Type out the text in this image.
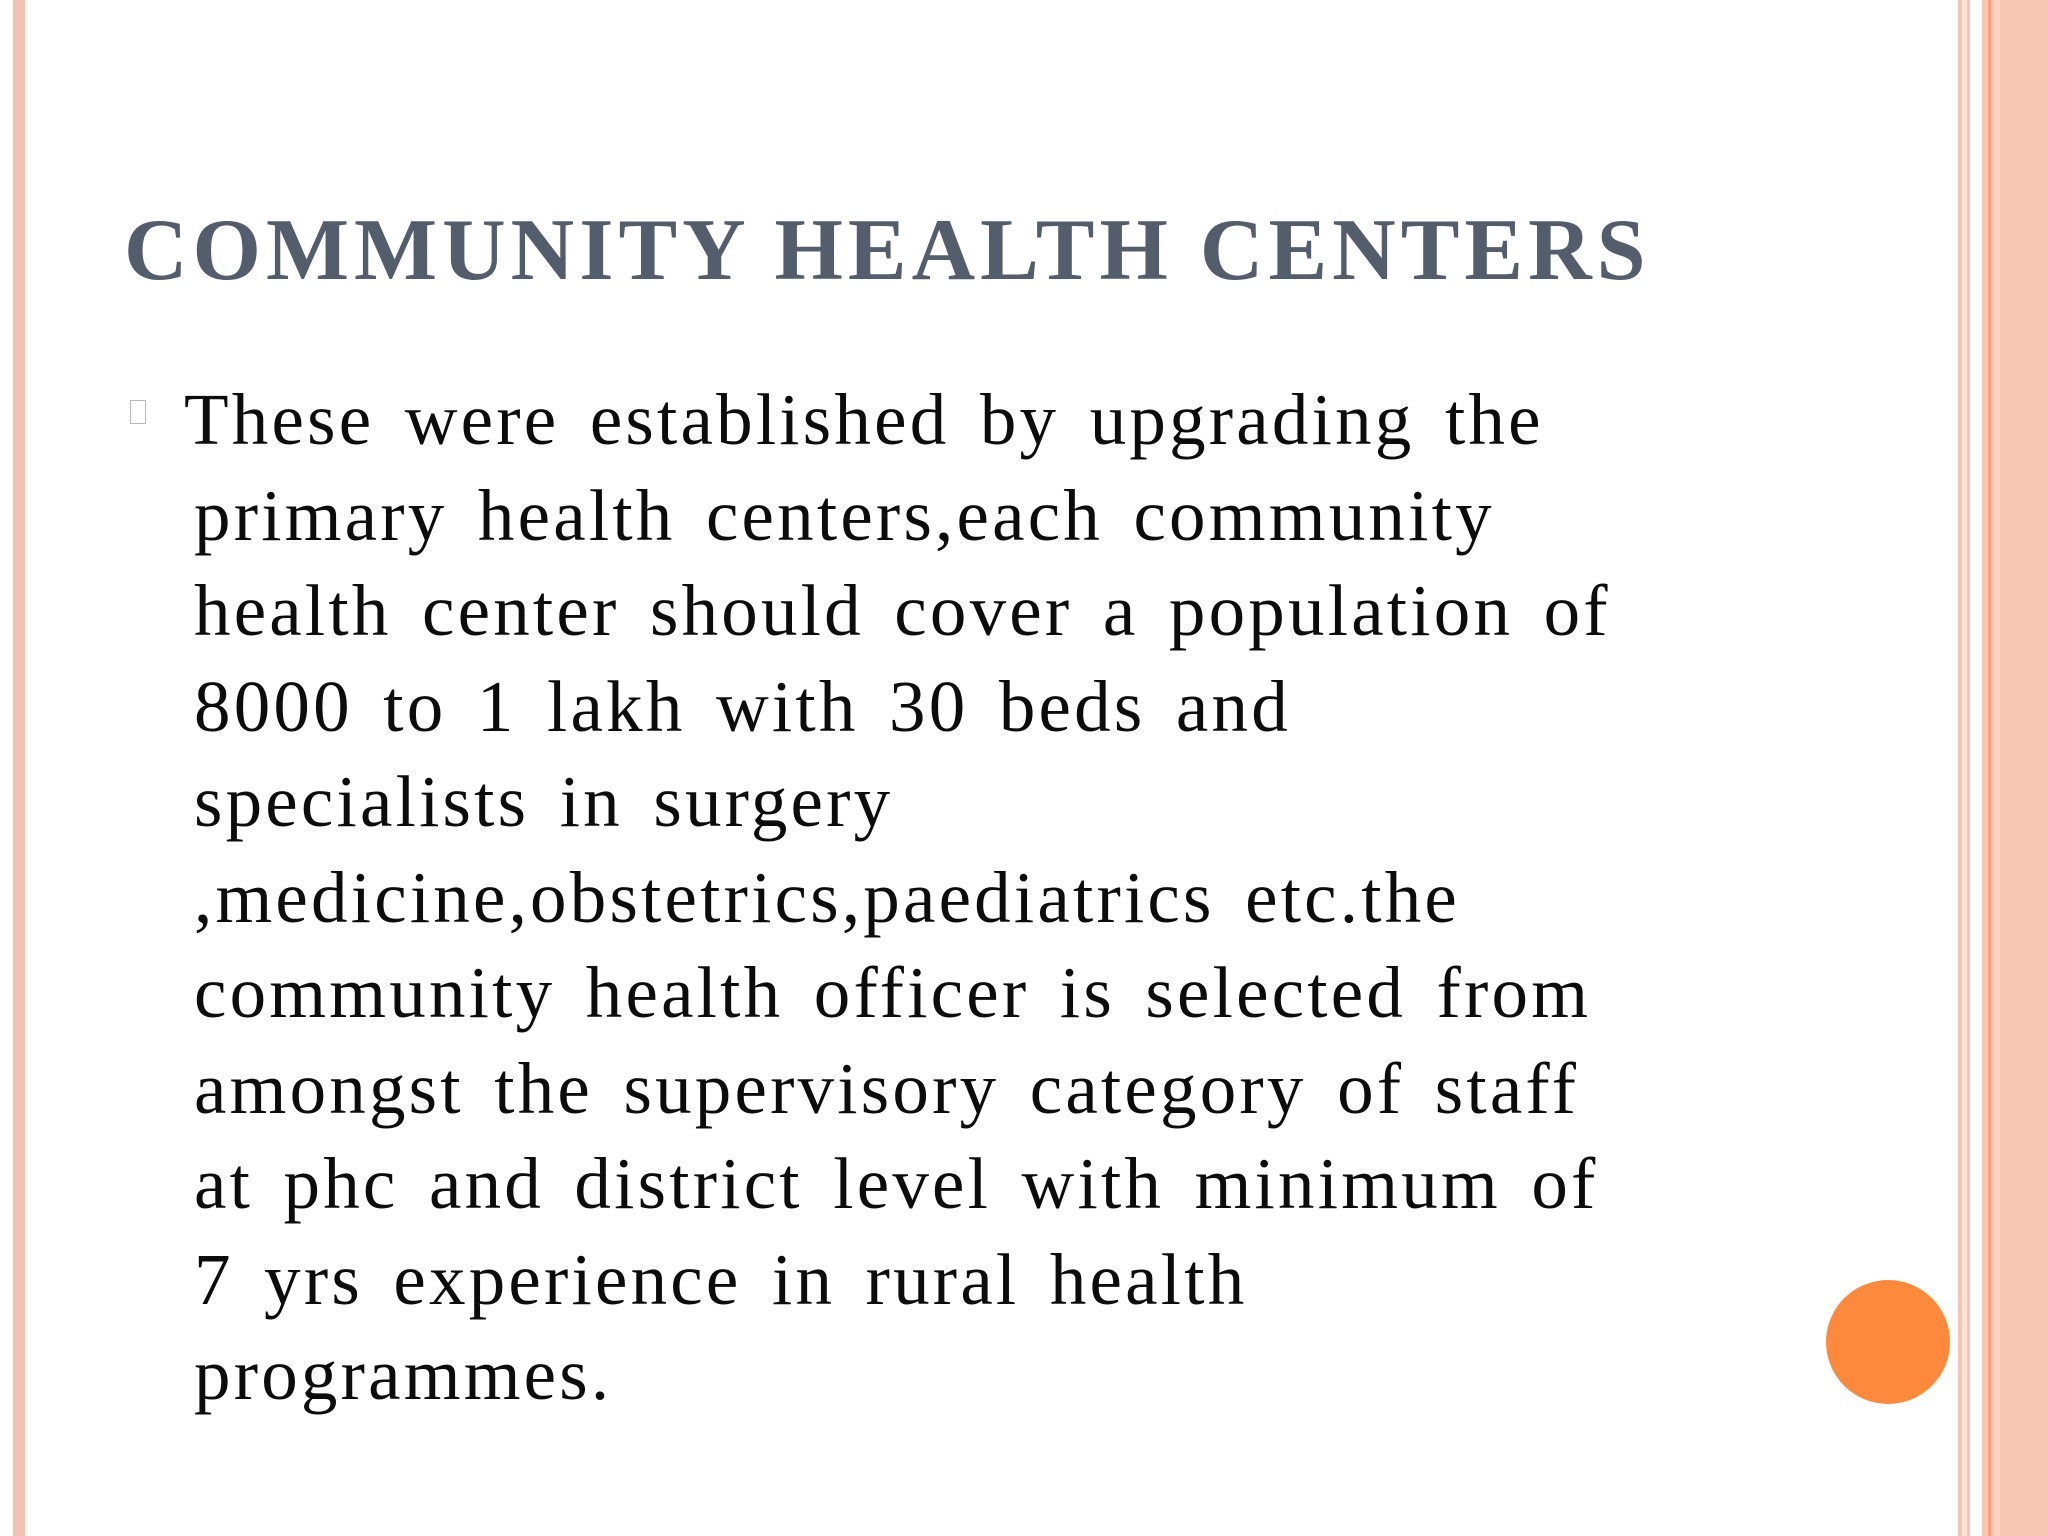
COMMUNITY HEALTH CENTERS

These were established by upgrading the
primary health centers,each community
health center should cover a population of
8000 to 1 lakh with 30 beds and
specialists in surgery
,medicine,obstetrics,paediatrics etc.the
community health officer is selected from
amongst the supervisory category of staff
at phc and district level with minimum of
7 yrs experience in rural health
programmes.
